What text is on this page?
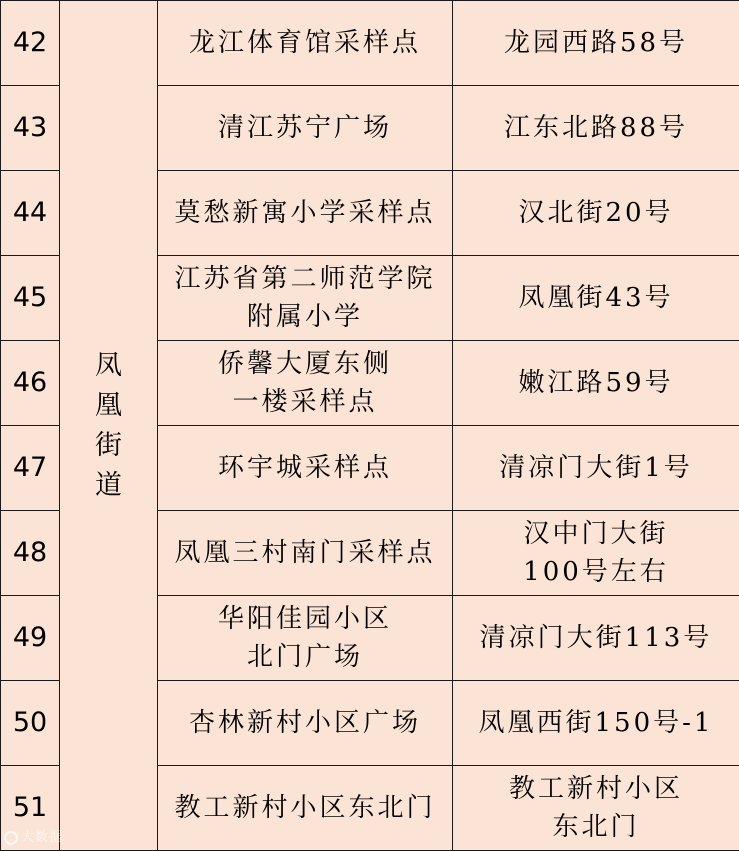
42	凤凰街道	龙江体育馆采样点	龙园西路58号

43		清江苏宁广场	江东北路88号

44		莫愁新寓小学采样点	汉北街20号

45		江苏省第二师范学院
附属小学	凤凰街43号

46		侨馨大厦东侧
一楼采样点	嫩江路59号

47		环宇城采样点	清凉门大街1号

48		凤凰三村南门采样点	汉中门大街
100号左右

49		华阳佳园小区
北门广场	清凉门大街113号

50		杏林新村小区广场	凤凰西街150号-1

51		教工新村小区东北门	教工新村小区
东北门
大数据
